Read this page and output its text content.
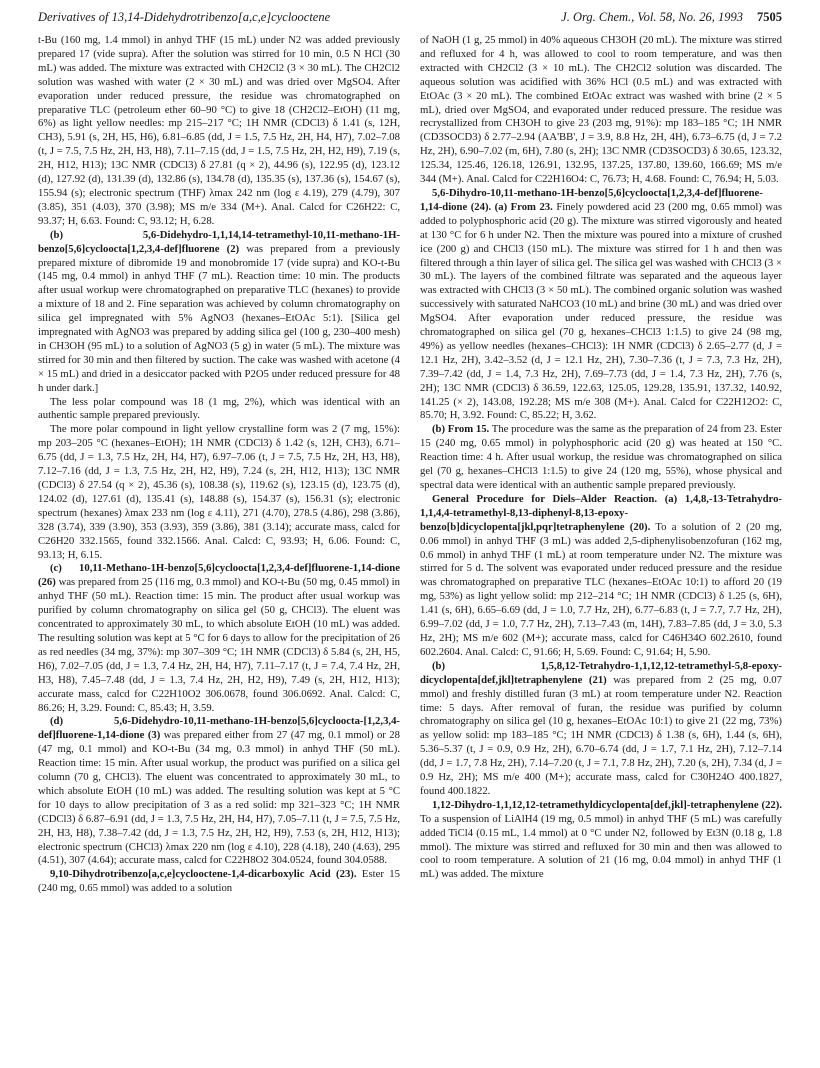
Derivatives of 13,14-Didehydrotribenzo[a,c,e]cyclooctene	J. Org. Chem., Vol. 58, No. 26, 1993 7505

t-Bu (160 mg, 1.4 mmol) in anhyd THF (15 mL) under N2 was added previously prepared 17 (vide supra). After the solution was stirred for 10 min, 0.5 N HCl (30 mL) was added. The mixture was extracted with CH2Cl2 (3 × 30 mL). The CH2Cl2 solution was washed with water (2 × 30 mL) and was dried over MgSO4. After evaporation under reduced pressure, the residue was chromatographed on preparative TLC (petroleum ether 60–90 °C) to give 18 (CH2Cl2–EtOH) (11 mg, 6%) as light yellow needles: mp 215–217 °C; 1H NMR (CDCl3) δ 1.41 (s, 12H, CH3), 5.91 (s, 2H, H5, H6), 6.81–6.85 (dd, J = 1.5, 7.5 Hz, 2H, H4, H7), 7.02–7.08 (t, J = 7.5, 7.5 Hz, 2H, H3, H8), 7.11–7.15 (dd, J = 1.5, 7.5 Hz, 2H, H2, H9), 7.19 (s, 2H, H12, H13); 13C NMR (CDCl3) δ 27.81 (q × 2), 44.96 (s), 122.95 (d), 123.12 (d), 127.92 (d), 131.39 (d), 132.86 (s), 134.78 (d), 135.35 (s), 137.36 (s), 154.67 (s), 155.94 (s); electronic spectrum (THF) λmax 242 nm (log ε 4.19), 279 (4.79), 307 (3.85), 351 (4.03), 370 (3.98); MS m/e 334 (M+). Anal. Calcd for C26H22: C, 93.37; H, 6.63. Found: C, 93.12; H, 6.28.

(b) 5,6-Didehydro-1,1,14,14-tetramethyl-10,11-methano-1H-benzo[5,6]cycloocta[1,2,3,4-def]fluorene (2) was prepared from a previously prepared mixture of dibromide 19 and monobromide 17 (vide supra) and KO-t-Bu (145 mg, 0.4 mmol) in anhyd THF (7 mL). Reaction time: 10 min. The products after usual workup were chromatographed on preparative TLC (hexanes) to provide a mixture of 18 and 2. Fine separation was achieved by column chromatography on silica gel impregnated with 5% AgNO3 (hexanes–EtOAc 5:1). [Silica gel impregnated with AgNO3 was prepared by adding silica gel (100 g, 230–400 mesh) in CH3OH (95 mL) to a solution of AgNO3 (5 g) in water (5 mL). The mixture was stirred for 30 min and then filtered by suction. The cake was washed with acetone (4 × 15 mL) and dried in a desiccator packed with P2O5 under reduced pressure for 48 h under dark.]

The less polar compound was 18 (1 mg, 2%), which was identical with an authentic sample prepared previously.

The more polar compound in light yellow crystalline form was 2 (7 mg, 15%): mp 203–205 °C (hexanes–EtOH); 1H NMR (CDCl3) δ 1.42 (s, 12H, CH3), 6.71–6.75 (dd, J = 1.3, 7.5 Hz, 2H, H4, H7), 6.97–7.06 (t, J = 7.5, 7.5 Hz, 2H, H3, H8), 7.12–7.16 (dd, J = 1.3, 7.5 Hz, 2H, H2, H9), 7.24 (s, 2H, H12, H13); 13C NMR (CDCl3) δ 27.54 (q × 2), 45.36 (s), 108.38 (s), 119.62 (s), 123.15 (d), 123.75 (d), 124.02 (d), 127.61 (d), 135.41 (s), 148.88 (s), 154.37 (s), 156.31 (s); electronic spectrum (hexanes) λmax 233 nm (log ε 4.11), 271 (4.70), 278.5 (4.86), 298 (3.86), 328 (3.74), 339 (3.90), 353 (3.93), 359 (3.86), 381 (3.14); accurate mass, calcd for C26H20 332.1565, found 332.1566. Anal. Calcd: C, 93.93; H, 6.06. Found: C, 93.13; H, 6.15.

(c) 10,11-Methano-1H-benzo[5,6]cycloocta[1,2,3,4-def]fluorene-1,14-dione (26) was prepared from 25 (116 mg, 0.3 mmol) and KO-t-Bu (50 mg, 0.45 mmol) in anhyd THF (50 mL). Reaction time: 15 min. The product after usual workup was purified by column chromatography on silica gel (50 g, CHCl3). The eluent was concentrated to approximately 30 mL, to which absolute EtOH (10 mL) was added. The resulting solution was kept at 5 °C for 6 days to allow for the precipitation of 26 as red needles (34 mg, 37%): mp 307–309 °C; 1H NMR (CDCl3) δ 5.84 (s, 2H, H5, H6), 7.02–7.05 (dd, J = 1.3, 7.4 Hz, 2H, H4, H7), 7.11–7.17 (t, J = 7.4, 7.4 Hz, 2H, H3, H8), 7.45–7.48 (dd, J = 1.3, 7.4 Hz, 2H, H2, H9), 7.49 (s, 2H, H12, H13); accurate mass, calcd for C22H10O2 306.0678, found 306.0692. Anal. Calcd: C, 86.26; H, 3.29. Found: C, 85.43; H, 3.59.

(d) 5,6-Didehydro-10,11-methano-1H-benzo[5,6]cycloocta-[1,2,3,4-def]fluorene-1,14-dione (3) was prepared either from 27 (47 mg, 0.1 mmol) or 28 (47 mg, 0.1 mmol) and KO-t-Bu (34 mg, 0.3 mmol) in anhyd THF (50 mL). Reaction time: 15 min. After usual workup, the product was purified on a silica gel column (70 g, CHCl3). The eluent was concentrated to approximately 30 mL, to which absolute EtOH (10 mL) was added. The resulting solution was kept at 5 °C for 10 days to allow precipitation of 3 as a red solid: mp 321–323 °C; 1H NMR (CDCl3) δ 6.87–6.91 (dd, J = 1.3, 7.5 Hz, 2H, H4, H7), 7.05–7.11 (t, J = 7.5, 7.5 Hz, 2H, H3, H8), 7.38–7.42 (dd, J = 1.3, 7.5 Hz, 2H, H2, H9), 7.53 (s, 2H, H12, H13); electronic spectrum (CHCl3) λmax 220 nm (log ε 4.10), 228 (4.18), 240 (4.63), 295 (4.51), 307 (4.64); accurate mass, calcd for C22H8O2 304.0524, found 304.0588.

9,10-Dihydrotribenzo[a,c,e]cyclooctene-1,4-dicarboxylic Acid (23). Ester 15 (240 mg, 0.65 mmol) was added to a solution

of NaOH (1 g, 25 mmol) in 40% aqueous CH3OH (20 mL). The mixture was stirred and refluxed for 4 h, was allowed to cool to room temperature, and was then extracted with CH2Cl2 (3 × 10 mL). The CH2Cl2 solution was discarded. The aqueous solution was acidified with 36% HCl (0.5 mL) and was extracted with EtOAc (3 × 20 mL). The combined EtOAc extract was washed with brine (2 × 5 mL), dried over MgSO4, and evaporated under reduced pressure. The residue was recrystallized from CH3OH to give 23 (203 mg, 91%): mp 183–185 °C; 1H NMR (CD3SOCD3) δ 2.77–2.94 (AA'BB', J = 3.9, 8.8 Hz, 2H, 4H), 6.73–6.75 (d, J = 7.2 Hz, 2H), 6.90–7.02 (m, 6H), 7.80 (s, 2H); 13C NMR (CD3SOCD3) δ 30.65, 123.32, 125.34, 125.46, 126.18, 126.91, 132.95, 137.25, 137.80, 139.60, 166.69; MS m/e 344 (M+). Anal. Calcd for C22H16O4: C, 76.73; H, 4.68. Found: C, 76.94; H, 5.03.

5,6-Dihydro-10,11-methano-1H-benzo[5,6]cycloocta[1,2,3,4-def]fluorene-1,14-dione (24). (a) From 23. Finely powdered acid 23 (200 mg, 0.65 mmol) was added to polyphosphoric acid (20 g). The mixture was stirred vigorously and heated at 130 °C for 6 h under N2. Then the mixture was poured into a mixture of crushed ice (200 g) and CHCl3 (150 mL). The mixture was stirred for 1 h and then was filtered through a thin layer of silica gel. The silica gel was washed with CHCl3 (3 × 30 mL). The layers of the combined filtrate was separated and the aqueous layer was extracted with CHCl3 (3 × 50 mL). The combined organic solution was washed successively with saturated NaHCO3 (10 mL) and brine (30 mL) and was dried over MgSO4. After evaporation under reduced pressure, the residue was chromatographed on silica gel (70 g, hexanes–CHCl3 1:1.5) to give 24 (98 mg, 49%) as yellow needles (hexanes–CHCl3): 1H NMR (CDCl3) δ 2.65–2.77 (d, J = 12.1 Hz, 2H), 3.42–3.52 (d, J = 12.1 Hz, 2H), 7.30–7.36 (t, J = 7.3, 7.3 Hz, 2H), 7.39–7.42 (dd, J = 1.4, 7.3 Hz, 2H), 7.69–7.73 (dd, J = 1.4, 7.3 Hz, 2H), 7.76 (s, 2H); 13C NMR (CDCl3) δ 36.59, 122.63, 125.05, 129.28, 135.91, 137.32, 140.92, 141.25 (× 2), 143.08, 192.28; MS m/e 308 (M+). Anal. Calcd for C22H12O2: C, 85.70; H, 3.92. Found: C, 85.22; H, 3.62.

(b) From 15. The procedure was the same as the preparation of 24 from 23. Ester 15 (240 mg, 0.65 mmol) in polyphosphoric acid (20 g) was heated at 150 °C. Reaction time: 4 h. After usual workup, the residue was chromatographed on silica gel (70 g, hexanes–CHCl3 1:1.5) to give 24 (120 mg, 55%), whose physical and spectral data were identical with an authentic sample prepared previously.

General Procedure for Diels–Alder Reaction. (a) 1,4,8,-13-Tetrahydro-1,1,4,4-tetramethyl-8,13-diphenyl-8,13-epoxy-benzo[b]dicyclopenta[jkl,pqr]tetraphenylene (20). To a solution of 2 (20 mg, 0.06 mmol) in anhyd THF (3 mL) was added 2,5-diphenylisobenzofuran (162 mg, 0.6 mmol) in anhyd THF (1 mL) at room temperature under N2. The mixture was stirred for 5 d. The solvent was evaporated under reduced pressure and the residue was chromatographed on preparative TLC (hexanes–EtOAc 10:1) to afford 20 (19 mg, 53%) as light yellow solid: mp 212–214 °C; 1H NMR (CDCl3) δ 1.25 (s, 6H), 1.41 (s, 6H), 6.65–6.69 (dd, J = 1.0, 7.7 Hz, 2H), 6.77–6.83 (t, J = 7.7, 7.7 Hz, 2H), 6.99–7.02 (dd, J = 1.0, 7.7 Hz, 2H), 7.13–7.43 (m, 14H), 7.83–7.85 (dd, J = 3.0, 5.3 Hz, 2H); MS m/e 602 (M+); accurate mass, calcd for C46H34O 602.2610, found 602.2604. Anal. Calcd: C, 91.66; H, 5.69. Found: C, 91.64; H, 5.90.

(b) 1,5,8,12-Tetrahydro-1,1,12,12-tetramethyl-5,8-epoxy-dicyclopenta[def,jkl]tetraphenylene (21) was prepared from 2 (25 mg, 0.07 mmol) and freshly distilled furan (3 mL) at room temperature under N2. Reaction time: 5 days. After removal of furan, the residue was purified by column chromatography on silica gel (10 g, hexanes–EtOAc 10:1) to give 21 (22 mg, 73%) as yellow solid: mp 183–185 °C; 1H NMR (CDCl3) δ 1.38 (s, 6H), 1.44 (s, 6H), 5.36–5.37 (t, J = 0.9, 0.9 Hz, 2H), 6.70–6.74 (dd, J = 1.7, 7.1 Hz, 2H), 7.12–7.14 (dd, J = 1.7, 7.8 Hz, 2H), 7.14–7.20 (t, J = 7.1, 7.8 Hz, 2H), 7.20 (s, 2H), 7.34 (d, J = 0.9 Hz, 2H); MS m/e 400 (M+); accurate mass, calcd for C30H24O 400.1827, found 400.1822.

1,12-Dihydro-1,1,12,12-tetramethyldicyclopenta[def,jkl]-tetraphenylene (22). To a suspension of LiAlH4 (19 mg, 0.5 mmol) in anhyd THF (5 mL) was carefully added TiCl4 (0.15 mL, 1.4 mmol) at 0 °C under N2, followed by Et3N (0.18 g, 1.8 mmol). The mixture was stirred and refluxed for 30 min and then was allowed to cool to room temperature. A solution of 21 (16 mg, 0.04 mmol) in anhyd THF (1 mL) was added. The mixture
